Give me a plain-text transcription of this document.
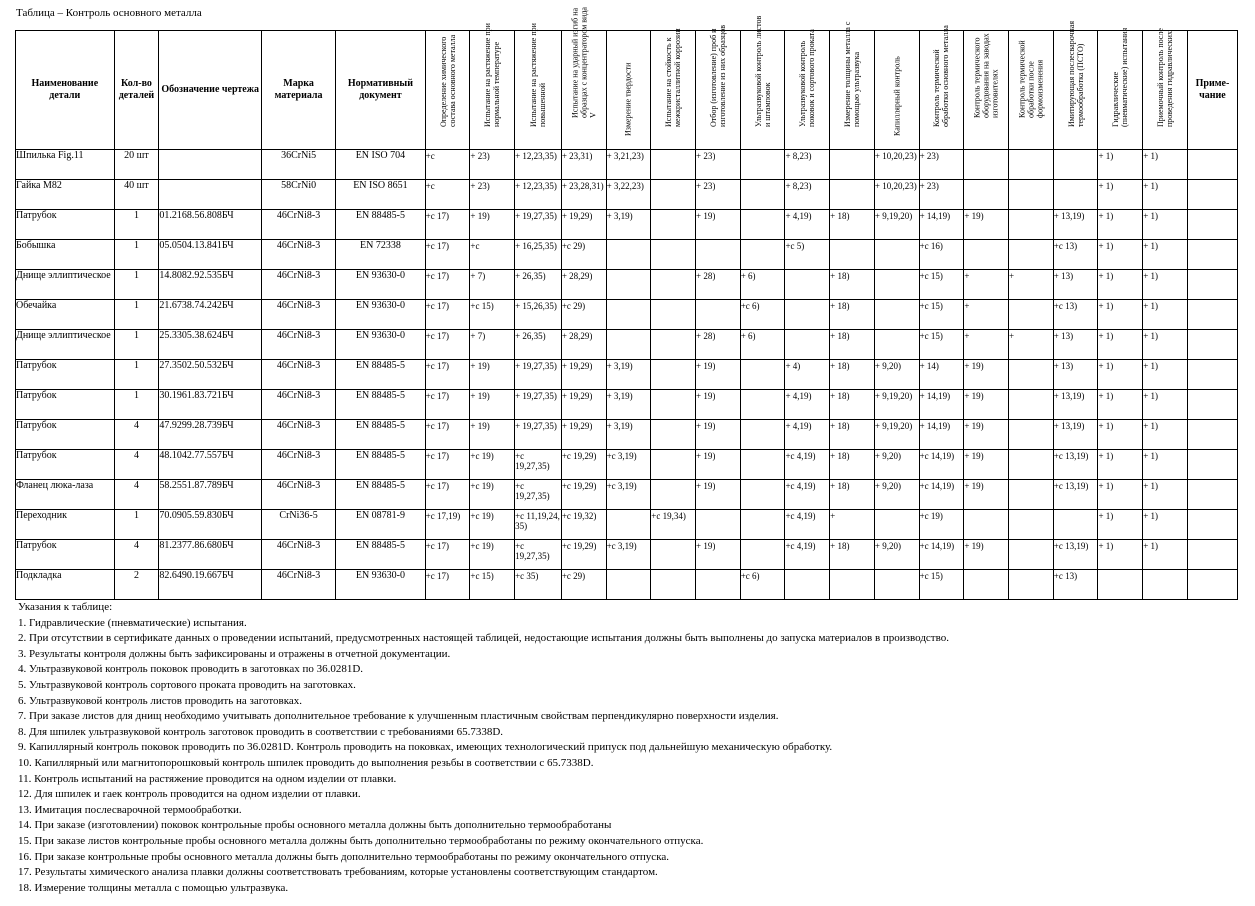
Таблица – Контроль основного металла
Наименование детали	Кол-во деталей	Обозначение чертежа	Марка материала	Нормативный документ	Определение химического состава основного металла	Испытание на растяжение при нормальной температуре	Испытание на растяжение при повышенной	Испытание на ударный изгиб на образцах с концентратором вида V	Измерение твердости	Испытание на стойкость к межкристаллитной коррозии	Отбор (изготовление) проб и изготовление из них образцов	Ультразвуковой контроль листов и штамповок	Ультразвуковой контроль поковок и сортового проката	Измерение толщины металла с помощью ультразвука	Капиллярный контроль	Контроль термической обработки основного металла	Контроль термического оборудования на заводах изготовителях	Контроль термической обработки после формоизменения	Имитирующая послесварочная термообработка (ПСТО)	Гидравлические (пневматические) испытания	Приемочный контроль после проведения гидравлических	Приме-чание
Шпилька Fig.11	20 шт		36CrNi5	EN ISO 704	+c	+ 23)	+ 12,23,35)	+ 23,31)	+ 3,21,23)		+ 23)		+ 8,23)		+ 10,20,23)	+ 23)				+ 1)	+ 1)	
Гайка M82	40 шт		58CrNi0	EN ISO 8651	+c	+ 23)	+ 12,23,35)	+ 23,28,31)	+ 3,22,23)		+ 23)		+ 8,23)		+ 10,20,23)	+ 23)				+ 1)	+ 1)	
Патрубок	1	01.2168.56.808БЧ	46CrNi8-3	EN 88485-5	+c 17)	+ 19)	+ 19,27,35)	+ 19,29)	+ 3,19)		+ 19)		+ 4,19)	+ 18)	+ 9,19,20)	+ 14,19)	+ 19)		+ 13,19)	+ 1)	+ 1)	
Бобышка	1	05.0504.13.841БЧ	46CrNi8-3	EN 72338	+c 17)	+c	+ 16,25,35)	+c 29)					+c 5)			+c 16)			+c 13)	+ 1)	+ 1)	
Днище эллиптическое	1	14.8082.92.535БЧ	46CrNi8-3	EN 93630-0	+c 17)	+ 7)	+ 26,35)	+ 28,29)			+ 28)	+ 6)		+ 18)		+c 15)	+	+	+ 13)	+ 1)	+ 1)	
Обечайка	1	21.6738.74.242БЧ	46CrNi8-3	EN 93630-0	+c 17)	+c 15)	+ 15,26,35)	+c 29)				+c 6)		+ 18)		+c 15)	+		+c 13)	+ 1)	+ 1)	
Днище эллиптическое	1	25.3305.38.624БЧ	46CrNi8-3	EN 93630-0	+c 17)	+ 7)	+ 26,35)	+ 28,29)			+ 28)	+ 6)		+ 18)		+c 15)	+	+	+ 13)	+ 1)	+ 1)	
Патрубок	1	27.3502.50.532БЧ	46CrNi8-3	EN 88485-5	+c 17)	+ 19)	+ 19,27,35)	+ 19,29)	+ 3,19)		+ 19)		+ 4)	+ 18)	+ 9,20)	+ 14)	+ 19)		+ 13)	+ 1)	+ 1)	
Патрубок	1	30.1961.83.721БЧ	46CrNi8-3	EN 88485-5	+c 17)	+ 19)	+ 19,27,35)	+ 19,29)	+ 3,19)		+ 19)		+ 4,19)	+ 18)	+ 9,19,20)	+ 14,19)	+ 19)		+ 13,19)	+ 1)	+ 1)	
Патрубок	4	47.9299.28.739БЧ	46CrNi8-3	EN 88485-5	+c 17)	+ 19)	+ 19,27,35)	+ 19,29)	+ 3,19)		+ 19)		+ 4,19)	+ 18)	+ 9,19,20)	+ 14,19)	+ 19)		+ 13,19)	+ 1)	+ 1)	
Патрубок	4	48.1042.77.557БЧ	46CrNi8-3	EN 88485-5	+c 17)	+c 19)	+c 19,27,35)	+c 19,29)	+c 3,19)		+ 19)		+c 4,19)	+ 18)	+ 9,20)	+c 14,19)	+ 19)		+c 13,19)	+ 1)	+ 1)	
Фланец люка-лаза	4	58.2551.87.789БЧ	46CrNi8-3	EN 88485-5	+c 17)	+c 19)	+c 19,27,35)	+c 19,29)	+c 3,19)		+ 19)		+c 4,19)	+ 18)	+ 9,20)	+c 14,19)	+ 19)		+c 13,19)	+ 1)	+ 1)	
Переходник	1	70.0905.59.830БЧ	CrNi36-5	EN 08781-9	+c 17,19)	+c 19)	+c 11,19,24, 35)	+c 19,32)		+c 19,34)			+c 4,19)	+		+c 19)				+ 1)	+ 1)	
Патрубок	4	81.2377.86.680БЧ	46CrNi8-3	EN 88485-5	+c 17)	+c 19)	+c 19,27,35)	+c 19,29)	+c 3,19)		+ 19)		+c 4,19)	+ 18)	+ 9,20)	+c 14,19)	+ 19)		+c 13,19)	+ 1)	+ 1)	
Подкладка	2	82.6490.19.667БЧ	46CrNi8-3	EN 93630-0	+c 17)	+c 15)	+c 35)	+c 29)				+c 6)				+c 15)			+c 13)			
Указания к таблице:
1. Гидравлические (пневматические) испытания.
2. При отсутствии в сертификате данных о проведении испытаний, предусмотренных настоящей таблицей, недостающие испытания должны быть выполнены до запуска материалов в производство.
3. Результаты контроля должны быть зафиксированы и отражены в отчетной документации.
4. Ультразвуковой контроль поковок проводить в заготовках по 36.0281D.
5. Ультразвуковой контроль сортового проката проводить на заготовках.
6. Ультразвуковой контроль листов проводить на заготовках.
7. При заказе листов для днищ необходимо учитывать дополнительное требование к улучшенным пластичным свойствам перпендикулярно поверхности изделия.
8. Для шпилек ультразвуковой контроль заготовок проводить в соответствии с требованиями 65.7338D.
9. Капиллярный контроль поковок проводить по 36.0281D. Контроль проводить на поковках, имеющих технологический припуск под дальнейшую механическую обработку.
10. Капиллярный или магнитопорошковый контроль шпилек проводить до выполнения резьбы в соответствии с 65.7338D.
11. Контроль испытаний на растяжение проводится на одном изделии от плавки.
12. Для шпилек и гаек контроль проводится на одном изделии от плавки.
13. Имитация послесварочной термообработки.
14. При заказе (изготовлении) поковок контрольные пробы основного металла должны быть дополнительно термообработаны
15. При заказе листов контрольные пробы основного металла должны быть дополнительно термообработаны по режиму окончательного отпуска.
16. При заказе контрольные пробы основного металла должны быть дополнительно термообработаны по режиму окончательного отпуска.
17. Результаты химического анализа плавки должны соответствовать требованиям, которые установлены соответствующим стандартом.
18. Измерение толщины металла с помощью ультразвука.
